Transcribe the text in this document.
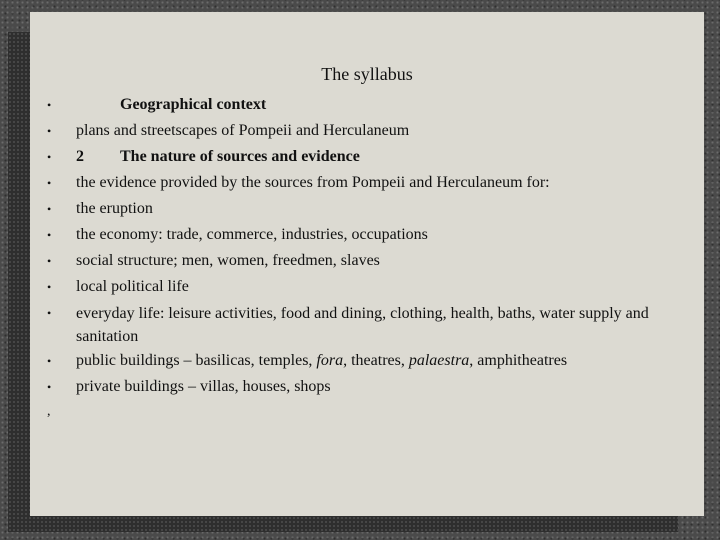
The syllabus
•	Geographical context
•	plans and streetscapes of Pompeii and Herculaneum
•	2 The nature of sources and evidence
•	the evidence provided by the sources from Pompeii and Herculaneum for:
•	the eruption
•	the economy: trade, commerce, industries, occupations
•	social structure; men, women, freedmen, slaves
•	local political life
•	everyday life: leisure activities, food and dining, clothing, health, baths, water supply and sanitation
•	public buildings – basilicas, temples, fora, theatres, palaestra, amphitheatres
•	private buildings – villas, houses, shops
,
